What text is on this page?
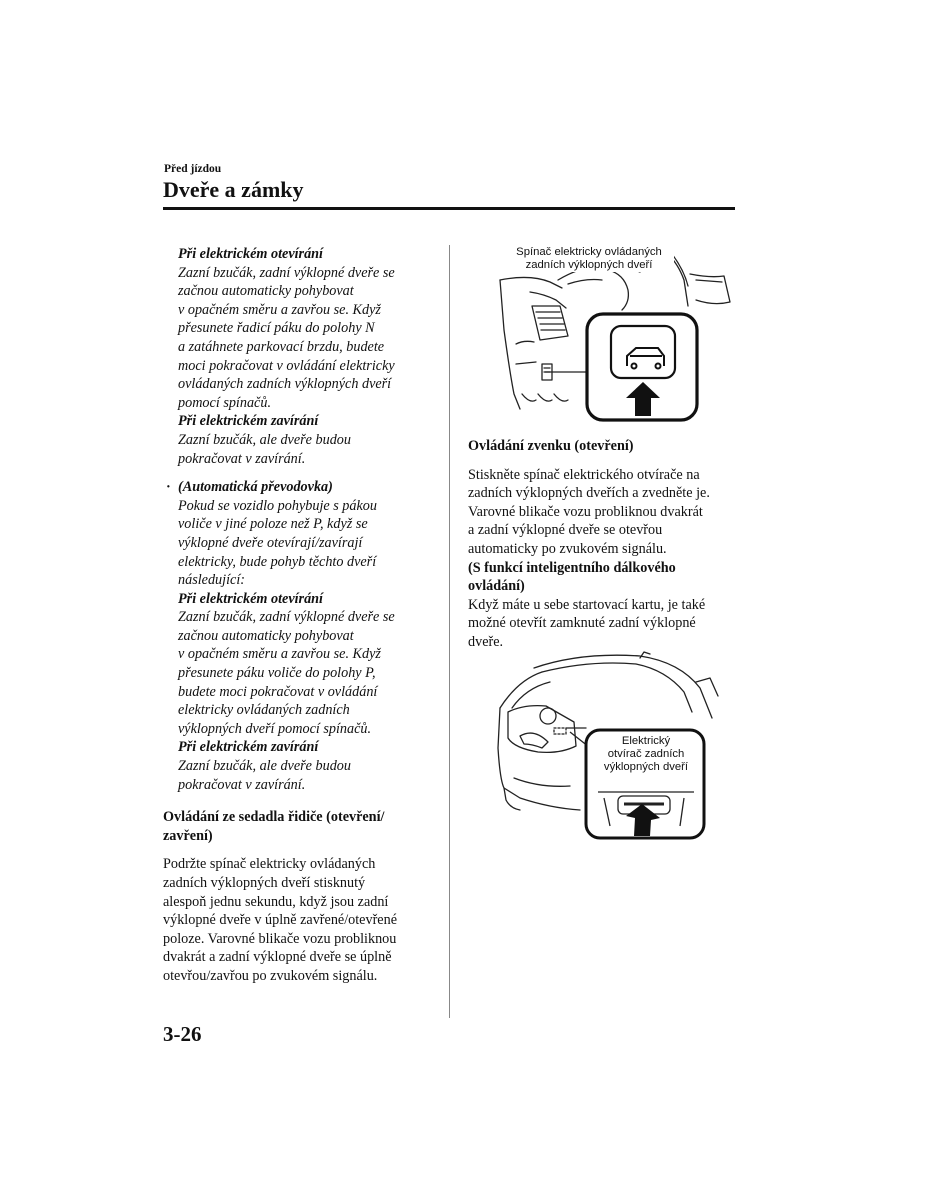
Před jízdou
Dveře a zámky
Při elektrickém otevírání
Zazní bzučák, zadní výklopné dveře se
začnou automaticky pohybovat
v opačném směru a zavřou se. Když
přesunete řadicí páku do polohy N
a zatáhnete parkovací brzdu, budete
moci pokračovat v ovládání elektricky
ovládaných zadních výklopných dveří
pomocí spínačů.
Při elektrickém zavírání
Zazní bzučák, ale dveře budou
pokračovat v zavírání.
· (Automatická převodovka)
Pokud se vozidlo pohybuje s pákou
voliče v jiné poloze než P, když se
výklopné dveře otevírají/zavírají
elektricky, bude pohyb těchto dveří
následující:
Při elektrickém otevírání
Zazní bzučák, zadní výklopné dveře se
začnou automaticky pohybovat
v opačném směru a zavřou se. Když
přesunete páku voliče do polohy P,
budete moci pokračovat v ovládání
elektricky ovládaných zadních
výklopných dveří pomocí spínačů.
Při elektrickém zavírání
Zazní bzučák, ale dveře budou
pokračovat v zavírání.
Ovládání ze sedadla řidiče (otevření/
zavření)
Podržte spínač elektricky ovládaných
zadních výklopných dveří stisknutý
alespoň jednu sekundu, když jsou zadní
výklopné dveře v úplně zavřené/otevřené
poloze. Varovné blikače vozu probliknou
dvakrát a zadní výklopné dveře se úplně
otevřou/zavřou po zvukovém signálu.
Spínač elektricky ovládaných
zadních výklopných dveří
Ovládání zvenku (otevření)
Stiskněte spínač elektrického otvírače na
zadních výklopných dveřích a zvedněte je.
Varovné blikače vozu probliknou dvakrát
a zadní výklopné dveře se otevřou
automaticky po zvukovém signálu.
(S funkcí inteligentního dálkového
ovládání)
Když máte u sebe startovací kartu, je také
možné otevřít zamknuté zadní výklopné
dveře.
Elektrický
otvírač zadních
výklopných dveří
3-26
